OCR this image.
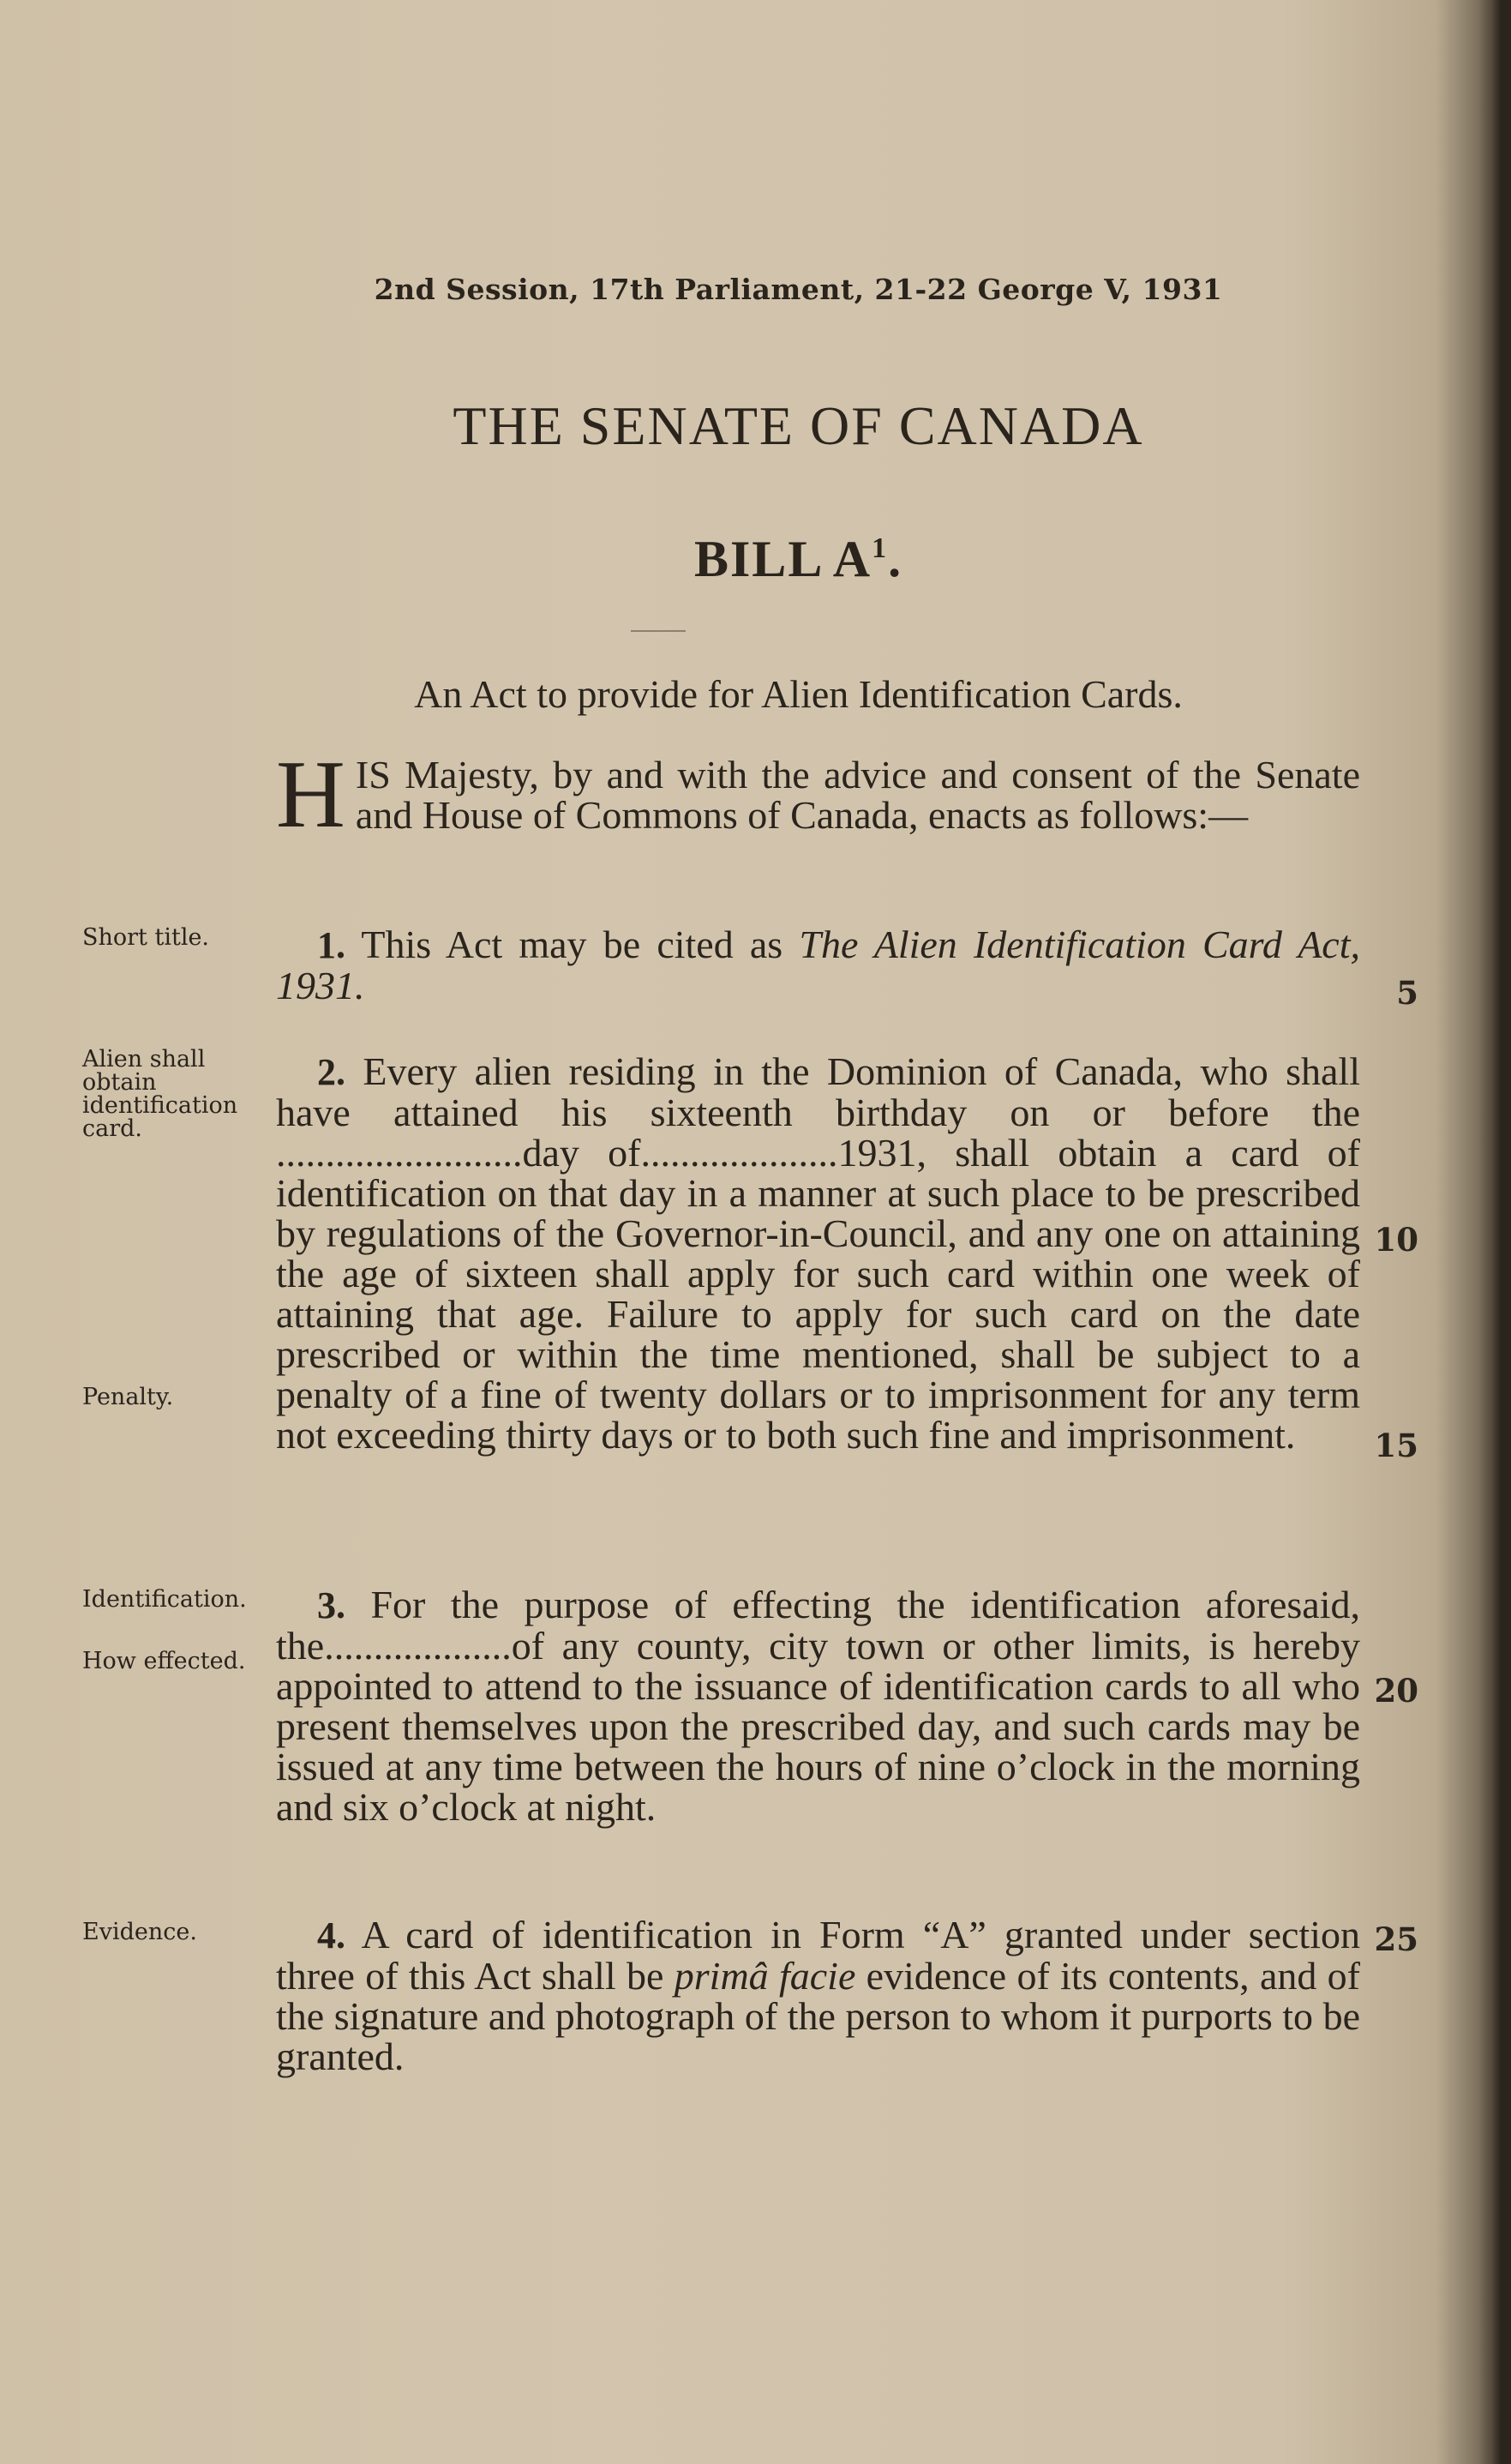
2nd Session, 17th Parliament, 21-22 George V, 1931
THE SENATE OF CANADA
BILL $A^1$.
An Act to provide for Alien Identification Cards.
HIS Majesty, by and with the advice and consent of the Senate and House of Commons of Canada, enacts as follows:—
Short title.	1. This Act may be cited as The Alien Identification Card Act, 1931.
Alien shall obtain identification card.
Penalty.
2. Every alien residing in the Dominion of Canada, who shall have attained his sixteenth birthday on or before the .........................day of....................1931, shall obtain a card of identification on that day in a manner at such place to be prescribed by regulations of the Governor-in-Council, and any one on attaining the age of sixteen shall apply for such card within one week of attaining that age. Failure to apply for such card on the date prescribed or within the time mentioned, shall be subject to a penalty of a fine of twenty dollars or to imprisonment for any term not exceeding thirty days or to both such fine and imprisonment.
Identification.
How effected.
3. For the purpose of effecting the identification aforesaid, the...................of any county, city town or other limits, is hereby appointed to attend to the issuance of identification cards to all who present themselves upon the prescribed day, and such cards may be issued at any time between the hours of nine o’clock in the morning and six o’clock at night.
Evidence.	4. A card of identification in Form “A” granted under section three of this Act shall be primâ facie evidence of its contents, and of the signature and photograph of the person to whom it purports to be granted.
5
10
15
20
25
